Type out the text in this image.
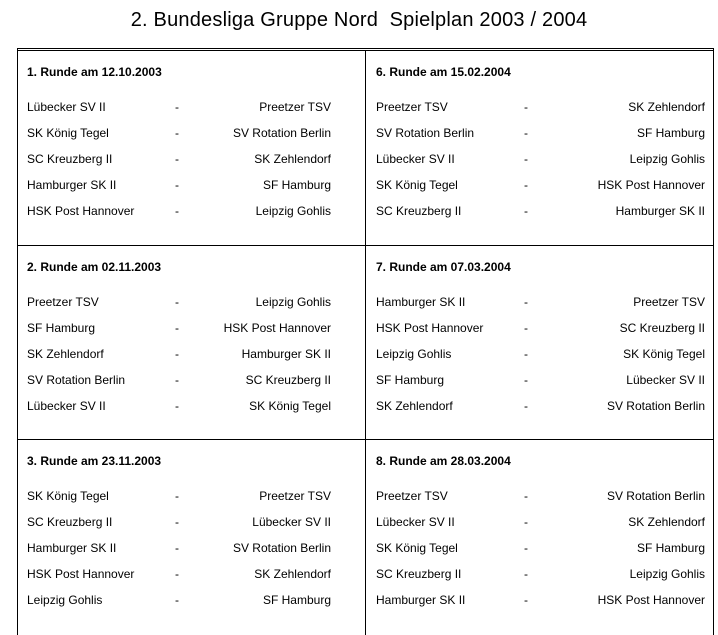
2. Bundesliga Gruppe Nord  Spielplan 2003 / 2004
1. Runde am 12.10.2003
Lübecker SV II	-	Preetzer TSV
SK König Tegel	-	SV Rotation Berlin
SC Kreuzberg II	-	SK Zehlendorf
Hamburger SK II	-	SF Hamburg
HSK Post Hannover	-	Leipzig Gohlis
6. Runde am 15.02.2004
Preetzer TSV	-	SK Zehlendorf
SV Rotation Berlin	-	SF Hamburg
Lübecker SV II	-	Leipzig Gohlis
SK König Tegel	-	HSK Post Hannover
SC Kreuzberg II	-	Hamburger SK II
2. Runde am 02.11.2003
Preetzer TSV	-	Leipzig Gohlis
SF Hamburg	-	HSK Post Hannover
SK Zehlendorf	-	Hamburger SK II
SV Rotation Berlin	-	SC Kreuzberg II
Lübecker SV II	-	SK König Tegel
7. Runde am 07.03.2004
Hamburger SK II	-	Preetzer TSV
HSK Post Hannover	-	SC Kreuzberg II
Leipzig Gohlis	-	SK König Tegel
SF Hamburg	-	Lübecker SV II
SK Zehlendorf	-	SV Rotation Berlin
3. Runde am 23.11.2003
SK König Tegel	-	Preetzer TSV
SC Kreuzberg II	-	Lübecker SV II
Hamburger SK II	-	SV Rotation Berlin
HSK Post Hannover	-	SK Zehlendorf
Leipzig Gohlis	-	SF Hamburg
8. Runde am 28.03.2004
Preetzer TSV	-	SV Rotation Berlin
Lübecker SV II	-	SK Zehlendorf
SK König Tegel	-	SF Hamburg
SC Kreuzberg II	-	Leipzig Gohlis
Hamburger SK II	-	HSK Post Hannover
